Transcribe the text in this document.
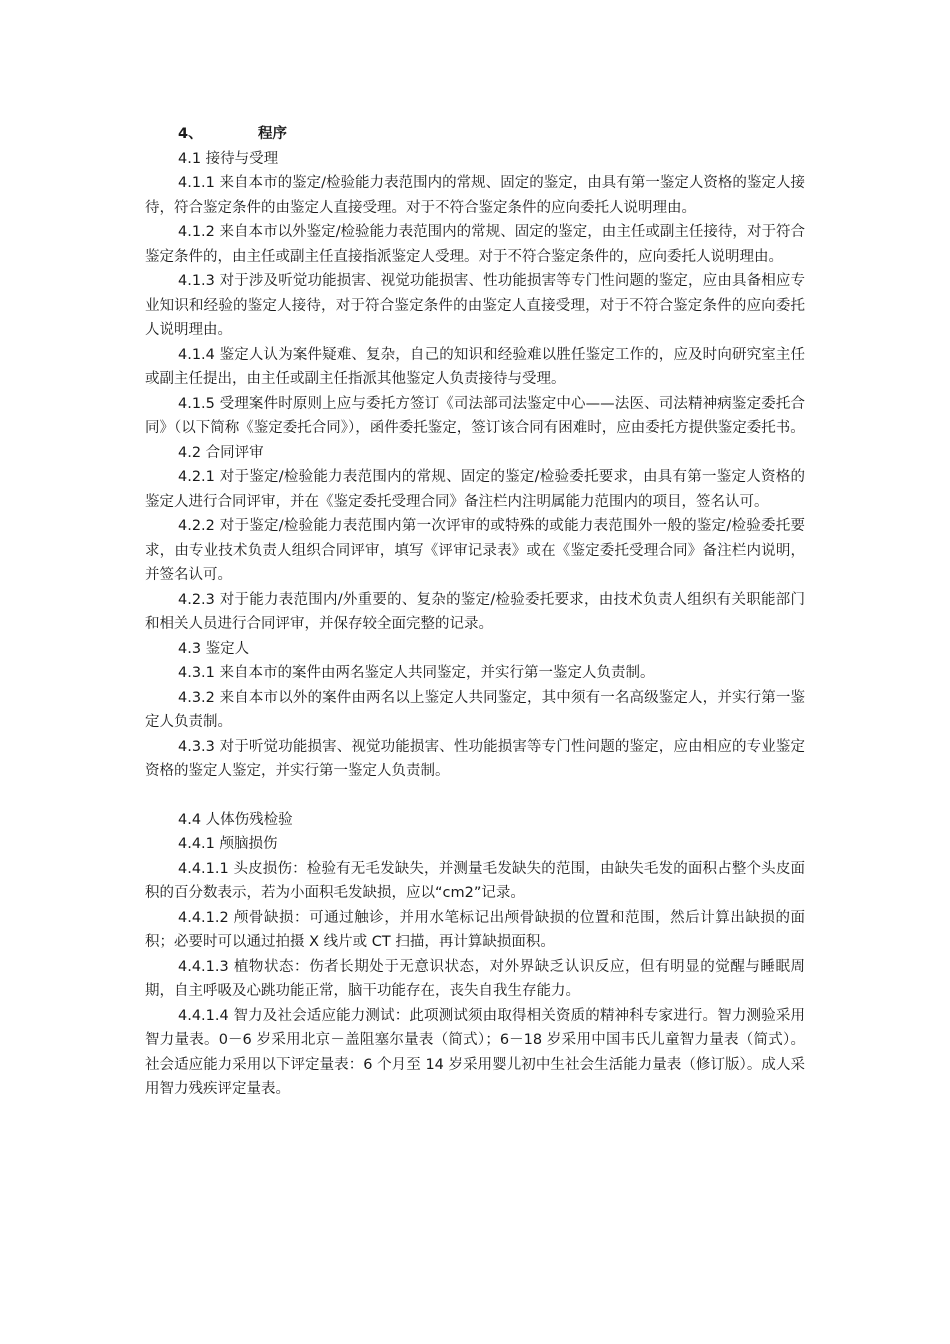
4、	程序

4.1 接待与受理

4.1.1 来自本市的鉴定/检验能力表范围内的常规、固定的鉴定，由具有第一鉴定人资格的鉴定人接待，符合鉴定条件的由鉴定人直接受理。对于不符合鉴定条件的应向委托人说明理由。

4.1.2 来自本市以外鉴定/检验能力表范围内的常规、固定的鉴定，由主任或副主任接待，对于符合鉴定条件的，由主任或副主任直接指派鉴定人受理。对于不符合鉴定条件的，应向委托人说明理由。

4.1.3 对于涉及听觉功能损害、视觉功能损害、性功能损害等专门性问题的鉴定，应由具备相应专业知识和经验的鉴定人接待，对于符合鉴定条件的由鉴定人直接受理，对于不符合鉴定条件的应向委托人说明理由。

4.1.4 鉴定人认为案件疑难、复杂，自己的知识和经验难以胜任鉴定工作的，应及时向研究室主任或副主任提出，由主任或副主任指派其他鉴定人负责接待与受理。

4.1.5 受理案件时原则上应与委托方签订《司法部司法鉴定中心——法医、司法精神病鉴定委托合同》（以下简称《鉴定委托合同》），函件委托鉴定，签订该合同有困难时，应由委托方提供鉴定委托书。

4.2 合同评审

4.2.1 对于鉴定/检验能力表范围内的常规、固定的鉴定/检验委托要求，由具有第一鉴定人资格的鉴定人进行合同评审，并在《鉴定委托受理合同》备注栏内注明属能力范围内的项目，签名认可。

4.2.2 对于鉴定/检验能力表范围内第一次评审的或特殊的或能力表范围外一般的鉴定/检验委托要求，由专业技术负责人组织合同评审，填写《评审记录表》或在《鉴定委托受理合同》备注栏内说明，并签名认可。

4.2.3 对于能力表范围内/外重要的、复杂的鉴定/检验委托要求，由技术负责人组织有关职能部门和相关人员进行合同评审，并保存较全面完整的记录。

4.3 鉴定人

4.3.1 来自本市的案件由两名鉴定人共同鉴定，并实行第一鉴定人负责制。

4.3.2 来自本市以外的案件由两名以上鉴定人共同鉴定，其中须有一名高级鉴定人，并实行第一鉴定人负责制。

4.3.3 对于听觉功能损害、视觉功能损害、性功能损害等专门性问题的鉴定，应由相应的专业鉴定资格的鉴定人鉴定，并实行第一鉴定人负责制。

4.4 人体伤残检验

4.4.1 颅脑损伤

4.4.1.1 头皮损伤：检验有无毛发缺失，并测量毛发缺失的范围，由缺失毛发的面积占整个头皮面积的百分数表示，若为小面积毛发缺损，应以“cm2”记录。

4.4.1.2 颅骨缺损：可通过触诊，并用水笔标记出颅骨缺损的位置和范围，然后计算出缺损的面积；必要时可以通过拍摄 X 线片或 CT 扫描，再计算缺损面积。

4.4.1.3 植物状态：伤者长期处于无意识状态，对外界缺乏认识反应，但有明显的觉醒与睡眠周期，自主呼吸及心跳功能正常，脑干功能存在，丧失自我生存能力。

4.4.1.4 智力及社会适应能力测试：此项测试须由取得相关资质的精神科专家进行。智力测验采用智力量表。0－6 岁采用北京－盖阻塞尔量表（简式）；6－18 岁采用中国韦氏儿童智力量表（简式）。社会适应能力采用以下评定量表：6 个月至 14 岁采用婴儿初中生社会生活能力量表（修订版）。成人采用智力残疾评定量表。
